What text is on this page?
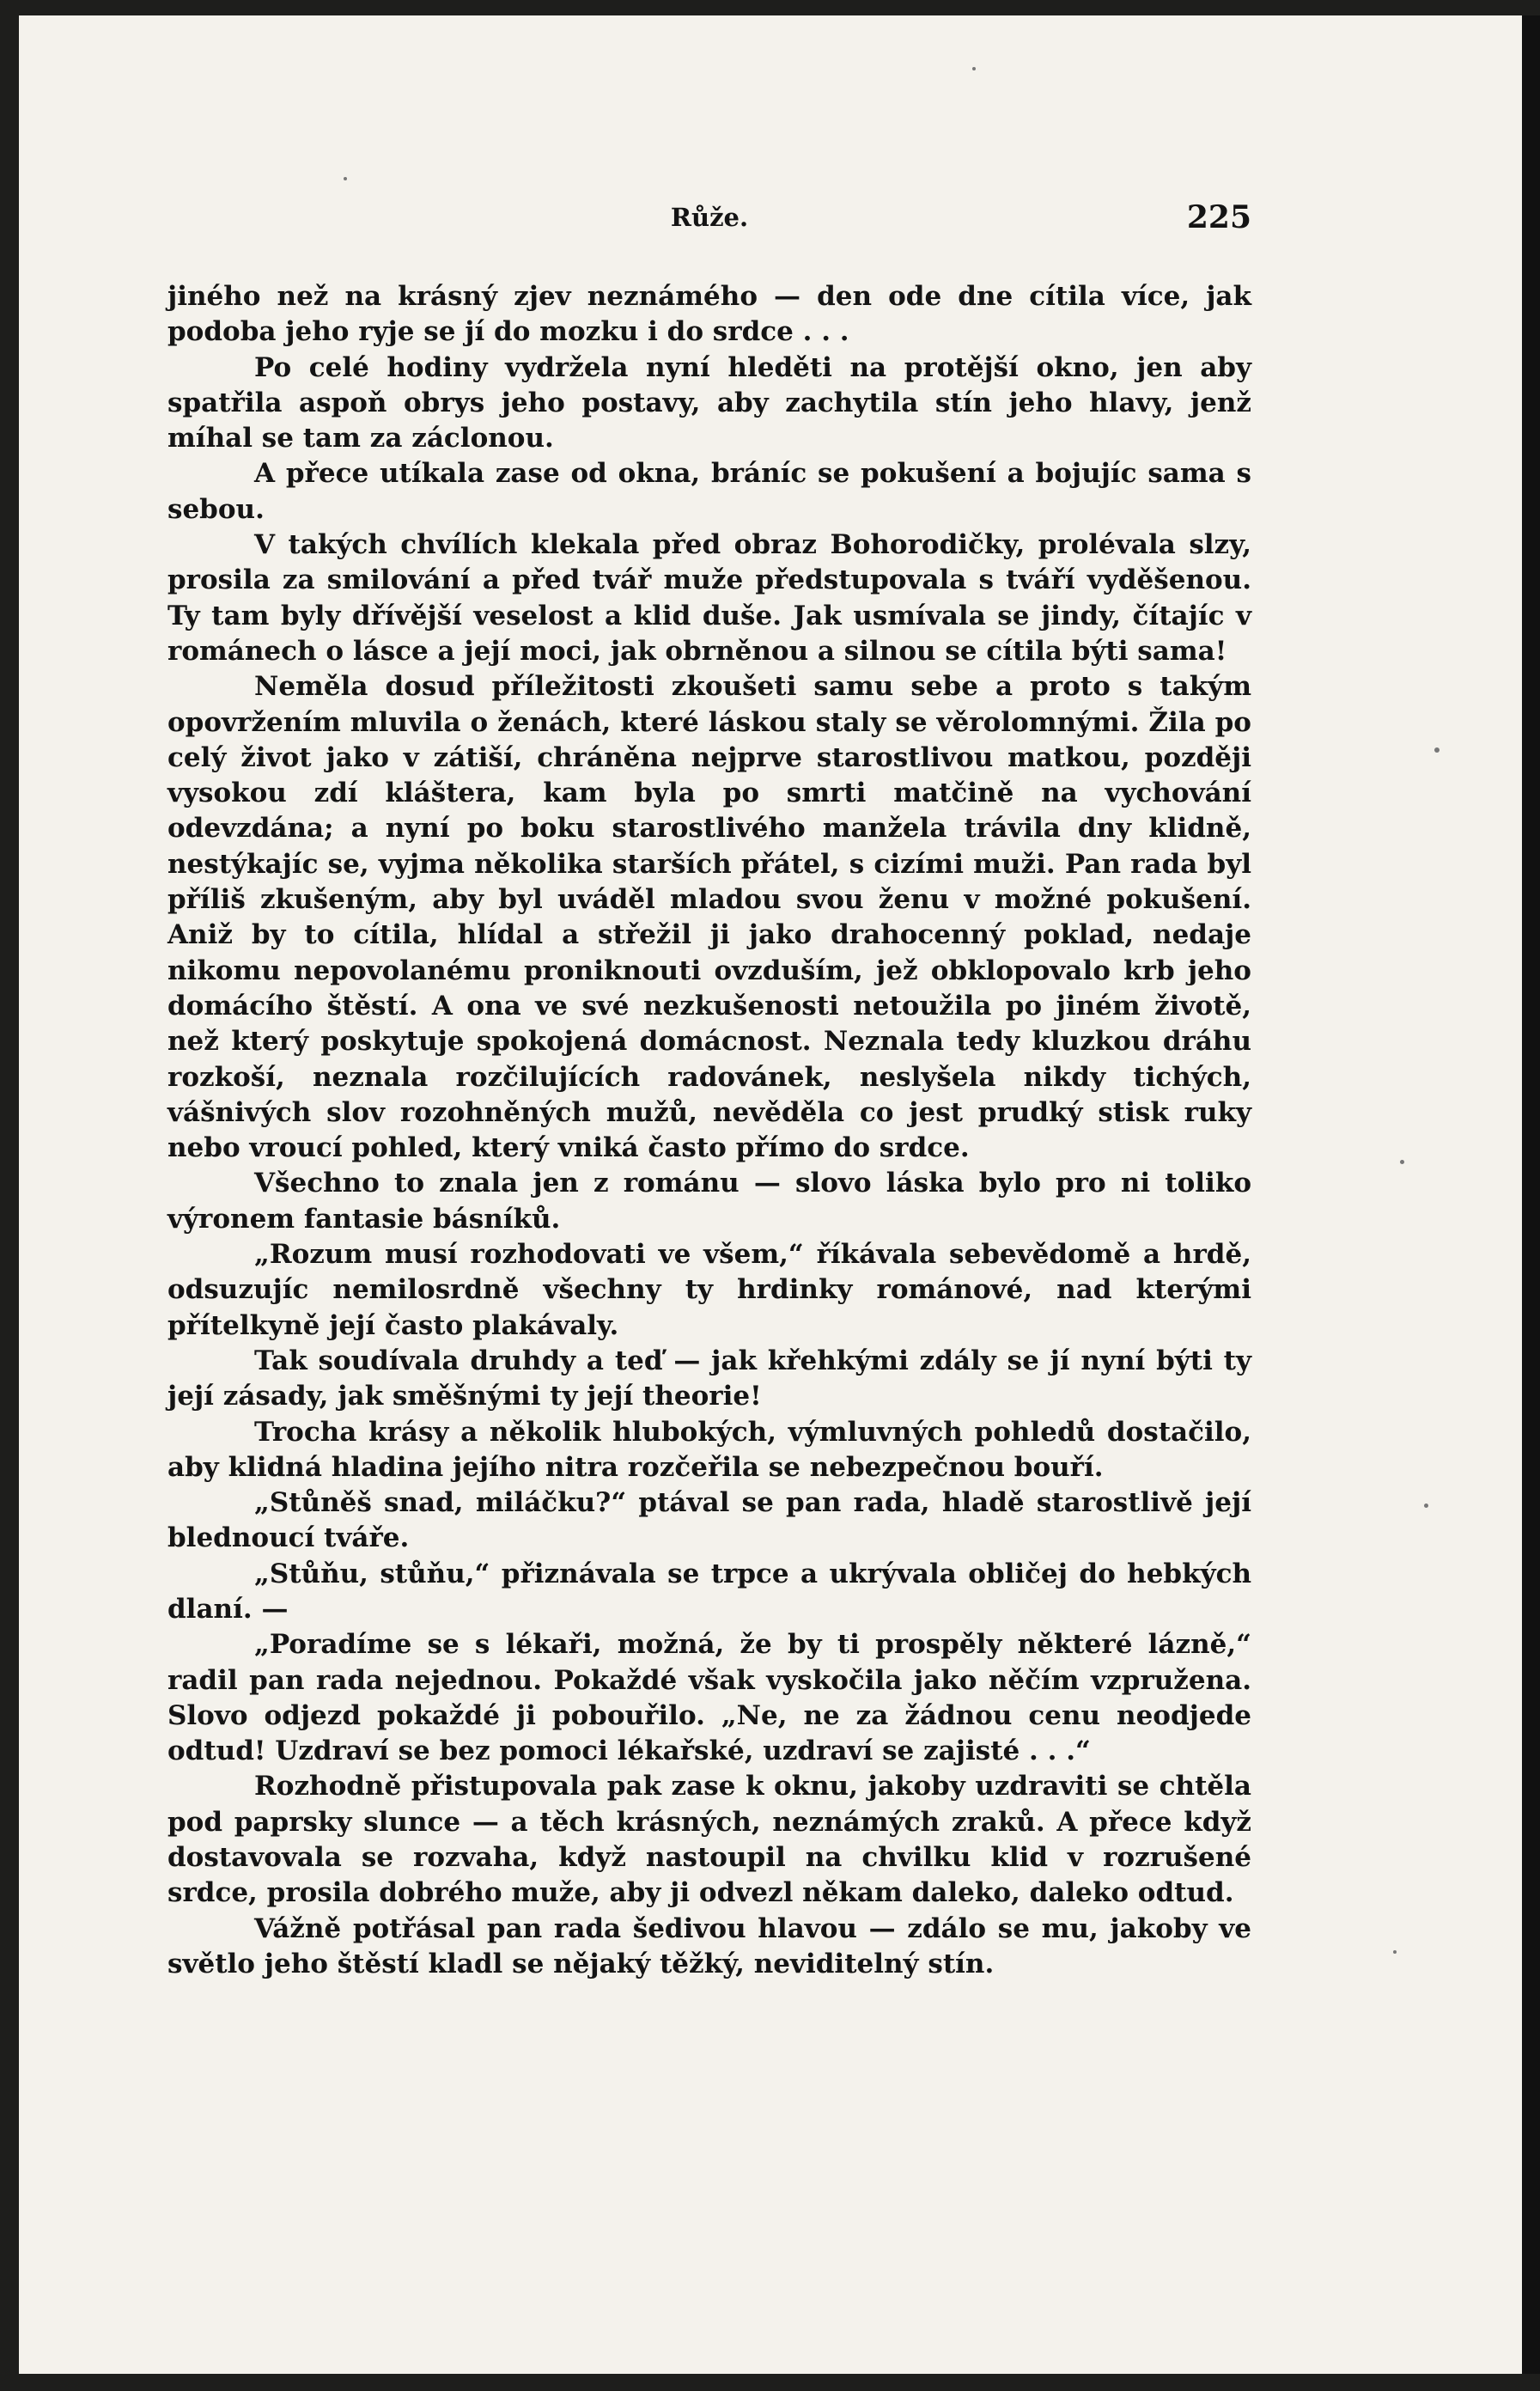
Růže.	225

jiného než na krásný zjev neznámého — den ode dne cítila více, jak podoba jeho ryje se jí do mozku i do srdce . . .

Po celé hodiny vydržela nyní hleděti na protější okno, jen aby spatřila aspoň obrys jeho postavy, aby zachytila stín jeho hlavy, jenž míhal se tam za záclonou.

A přece utíkala zase od okna, bráníc se pokušení a bojujíc sama s sebou.

V takých chvílích klekala před obraz Bohorodičky, prolévala slzy, prosila za smilování a před tvář muže předstupovala s tváří vyděšenou. Ty tam byly dřívější veselost a klid duše. Jak usmívala se jindy, čítajíc v románech o lásce a její moci, jak obrněnou a silnou se cítila býti sama!

Neměla dosud příležitosti zkoušeti samu sebe a proto s takým opovržením mluvila o ženách, které láskou staly se věrolomnými. Žila po celý život jako v zátiší, chráněna nejprve starostlivou matkou, později vysokou zdí kláštera, kam byla po smrti matčině na vychování odevzdána; a nyní po boku starostlivého manžela trávila dny klidně, nestýkajíc se, vyjma několika starších přátel, s cizími muži. Pan rada byl příliš zkušeným, aby byl uváděl mladou svou ženu v možné pokušení. Aniž by to cítila, hlídal a střežil ji jako drahocenný poklad, nedaje nikomu nepovolanému proniknouti ovzduším, jež obklopovalo krb jeho domácího štěstí. A ona ve své nezkušenosti netoužila po jiném životě, než který poskytuje spokojená domácnost. Neznala tedy kluzkou dráhu rozkoší, neznala rozčilujících radovánek, neslyšela nikdy tichých, vášnivých slov rozohněných mužů, nevěděla co jest prudký stisk ruky nebo vroucí pohled, který vniká často přímo do srdce.

Všechno to znala jen z románu — slovo láska bylo pro ni toliko výronem fantasie básníků.

„Rozum musí rozhodovati ve všem,“ říkávala sebevědomě a hrdě, odsuzujíc nemilosrdně všechny ty hrdinky románové, nad kterými přítelkyně její často plakávaly.

Tak soudívala druhdy a teď — jak křehkými zdály se jí nyní býti ty její zásady, jak směšnými ty její theorie!

Trocha krásy a několik hlubokých, výmluvných pohledů dostačilo, aby klidná hladina jejího nitra rozčeřila se nebezpečnou bouří.

„Stůněš snad, miláčku?“ ptával se pan rada, hladě starostlivě její blednoucí tváře.

„Stůňu, stůňu,“ přiznávala se trpce a ukrývala obličej do hebkých dlaní. —

„Poradíme se s lékaři, možná, že by ti prospěly některé lázně,“ radil pan rada nejednou. Pokaždé však vyskočila jako něčím vzpružena. Slovo odjezd pokaždé ji pobouřilo. „Ne, ne za žádnou cenu neodjede odtud! Uzdraví se bez pomoci lékařské, uzdraví se zajisté . . .“

Rozhodně přistupovala pak zase k oknu, jakoby uzdraviti se chtěla pod paprsky slunce — a těch krásných, neznámých zraků. A přece když dostavovala se rozvaha, když nastoupil na chvilku klid v rozrušené srdce, prosila dobrého muže, aby ji odvezl někam daleko, daleko odtud.

Vážně potřásal pan rada šedivou hlavou — zdálo se mu, jakoby ve světlo jeho štěstí kladl se nějaký těžký, neviditelný stín.
